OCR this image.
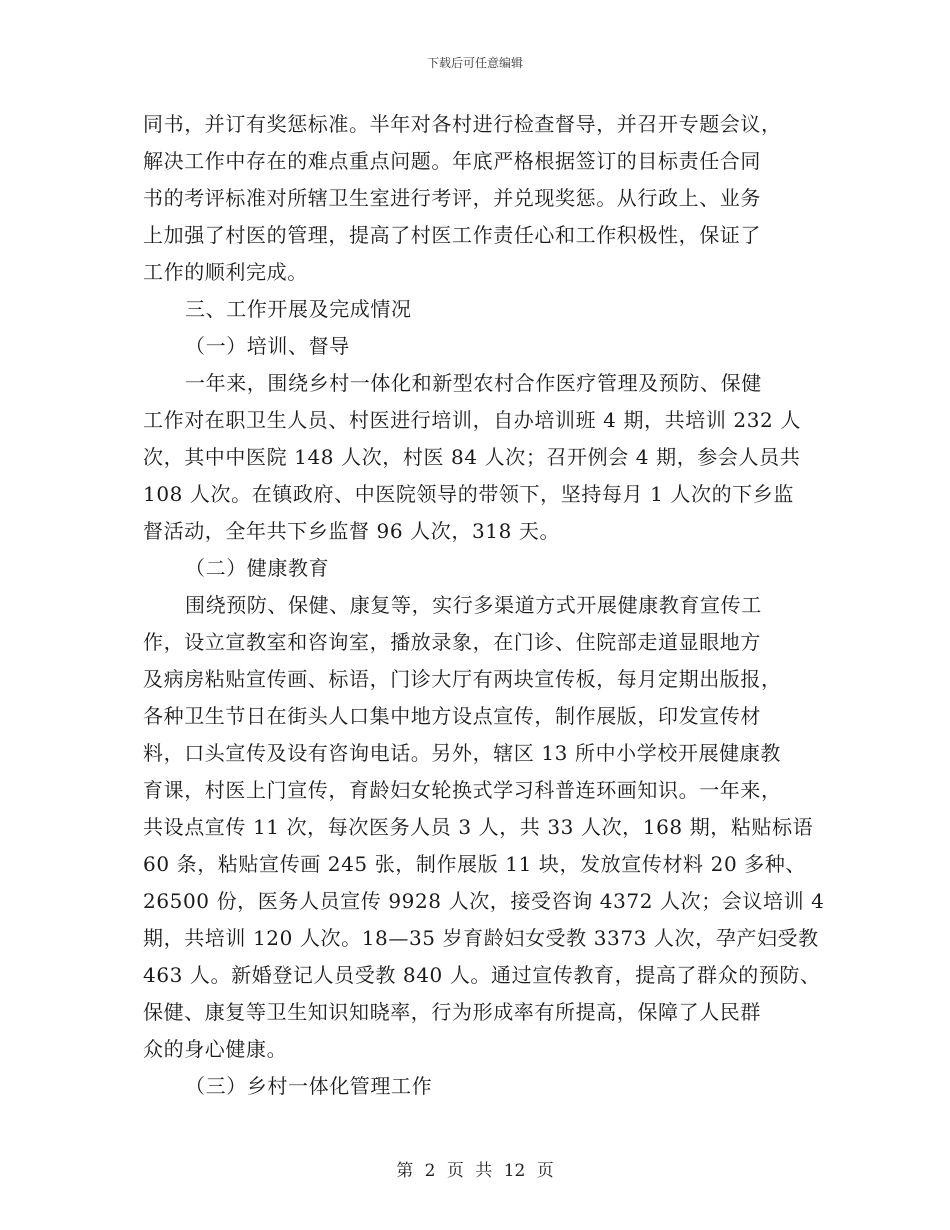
下载后可任意编辑
同书，并订有奖惩标准。半年对各村进行检查督导，并召开专题会议，
解决工作中存在的难点重点问题。年底严格根据签订的目标责任合同
书的考评标准对所辖卫生室进行考评，并兑现奖惩。从行政上、业务
上加强了村医的管理，提高了村医工作责任心和工作积极性，保证了
工作的顺利完成。
三、工作开展及完成情况
（一）培训、督导
一年来，围绕乡村一体化和新型农村合作医疗管理及预防、保健
工作对在职卫生人员、村医进行培训，自办培训班 4 期，共培训 232 人
次，其中中医院 148 人次，村医 84 人次；召开例会 4 期，参会人员共
108 人次。在镇政府、中医院领导的带领下，坚持每月 1 人次的下乡监
督活动，全年共下乡监督 96 人次，318 天。
（二）健康教育
围绕预防、保健、康复等，实行多渠道方式开展健康教育宣传工
作，设立宣教室和咨询室，播放录象，在门诊、住院部走道显眼地方
及病房粘贴宣传画、标语，门诊大厅有两块宣传板，每月定期出版报，
各种卫生节日在街头人口集中地方设点宣传，制作展版，印发宣传材
料，口头宣传及设有咨询电话。另外，辖区 13 所中小学校开展健康教
育课，村医上门宣传，育龄妇女轮换式学习科普连环画知识。一年来，
共设点宣传 11 次，每次医务人员 3 人，共 33 人次，168 期，粘贴标语
60 条，粘贴宣传画 245 张，制作展版 11 块，发放宣传材料 20 多种、
26500 份，医务人员宣传 9928 人次，接受咨询 4372 人次；会议培训 4
期，共培训 120 人次。18—35 岁育龄妇女受教 3373 人次，孕产妇受教
463 人。新婚登记人员受教 840 人。通过宣传教育，提高了群众的预防、
保健、康复等卫生知识知晓率，行为形成率有所提高，保障了人民群
众的身心健康。
（三）乡村一体化管理工作
第 2 页 共 12 页
